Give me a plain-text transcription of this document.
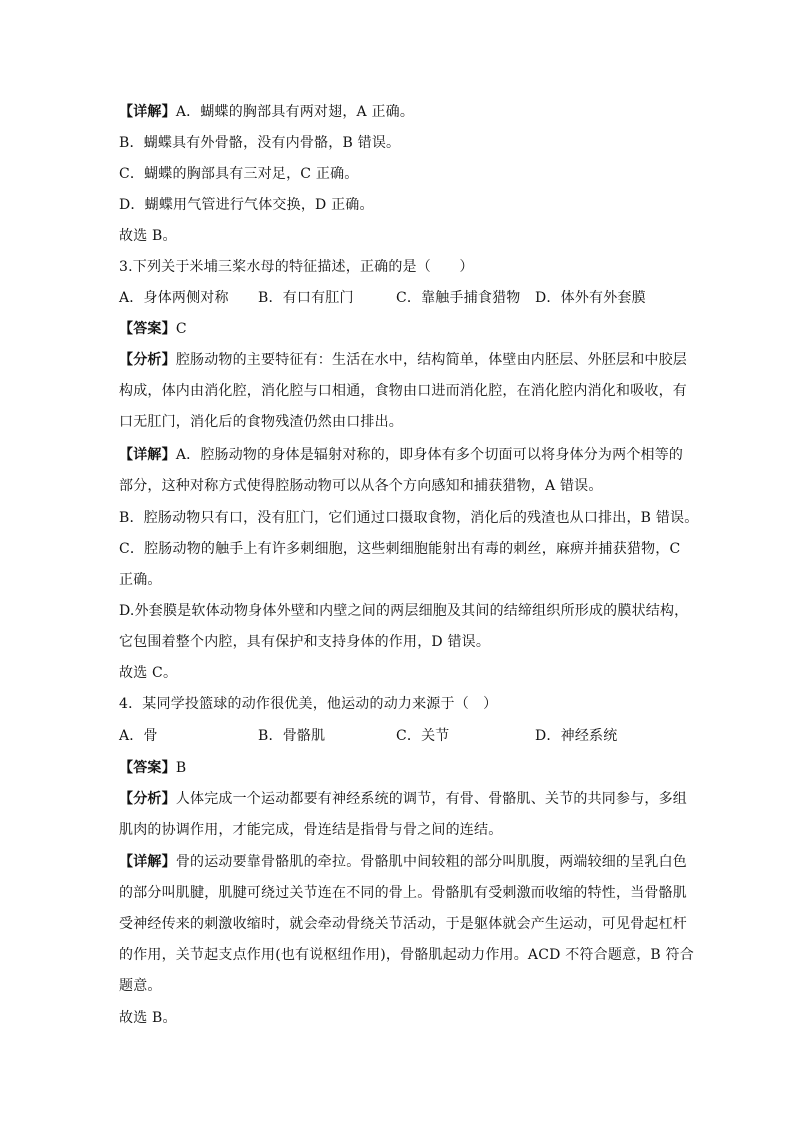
【详解】A．蝴蝶的胸部具有两对翅，A 正确。
B．蝴蝶具有外骨骼，没有内骨骼，B 错误。
C．蝴蝶的胸部具有三对足，C 正确。
D．蝴蝶用气管进行气体交换，D 正确。
故选 B。
3.下列关于米埔三桨水母的特征描述，正确的是（　　）
A．身体两侧对称 B．有口有肛门	C．靠触手捕食猎物 D．体外有外套膜
【答案】C
【分析】腔肠动物的主要特征有：生活在水中，结构简单，体壁由内胚层、外胚层和中胶层
构成，体内由消化腔，消化腔与口相通，食物由口进而消化腔，在消化腔内消化和吸收，有
口无肛门，消化后的食物残渣仍然由口排出。
【详解】A．腔肠动物的身体是辐射对称的，即身体有多个切面可以将身体分为两个相等的
部分，这种对称方式使得腔肠动物可以从各个方向感知和捕获猎物，A 错误。
B．腔肠动物只有口，没有肛门，它们通过口摄取食物，消化后的残渣也从口排出，B 错误。
C．腔肠动物的触手上有许多刺细胞，这些刺细胞能射出有毒的刺丝，麻痹并捕获猎物，C
正确。
D.外套膜是软体动物身体外壁和内壁之间的两层细胞及其间的结缔组织所形成的膜状结构，
它包围着整个内腔，具有保护和支持身体的作用，D 错误。
故选 C。
4．某同学投篮球的动作很优美，他运动的动力来源于（　）
A．骨	B．骨骼肌	C．关节	D．神经系统
【答案】B
【分析】人体完成一个运动都要有神经系统的调节，有骨、骨骼肌、关节的共同参与，多组
肌肉的协调作用，才能完成，骨连结是指骨与骨之间的连结。
【详解】骨的运动要靠骨骼肌的牵拉。骨骼肌中间较粗的部分叫肌腹，两端较细的呈乳白色
的部分叫肌腱，肌腱可绕过关节连在不同的骨上。骨骼肌有受刺激而收缩的特性，当骨骼肌
受神经传来的刺激收缩时，就会牵动骨绕关节活动，于是躯体就会产生运动，可见骨起杠杆
的作用，关节起支点作用(也有说枢纽作用)，骨骼肌起动力作用。ACD 不符合题意，B 符合
题意。
故选 B。
